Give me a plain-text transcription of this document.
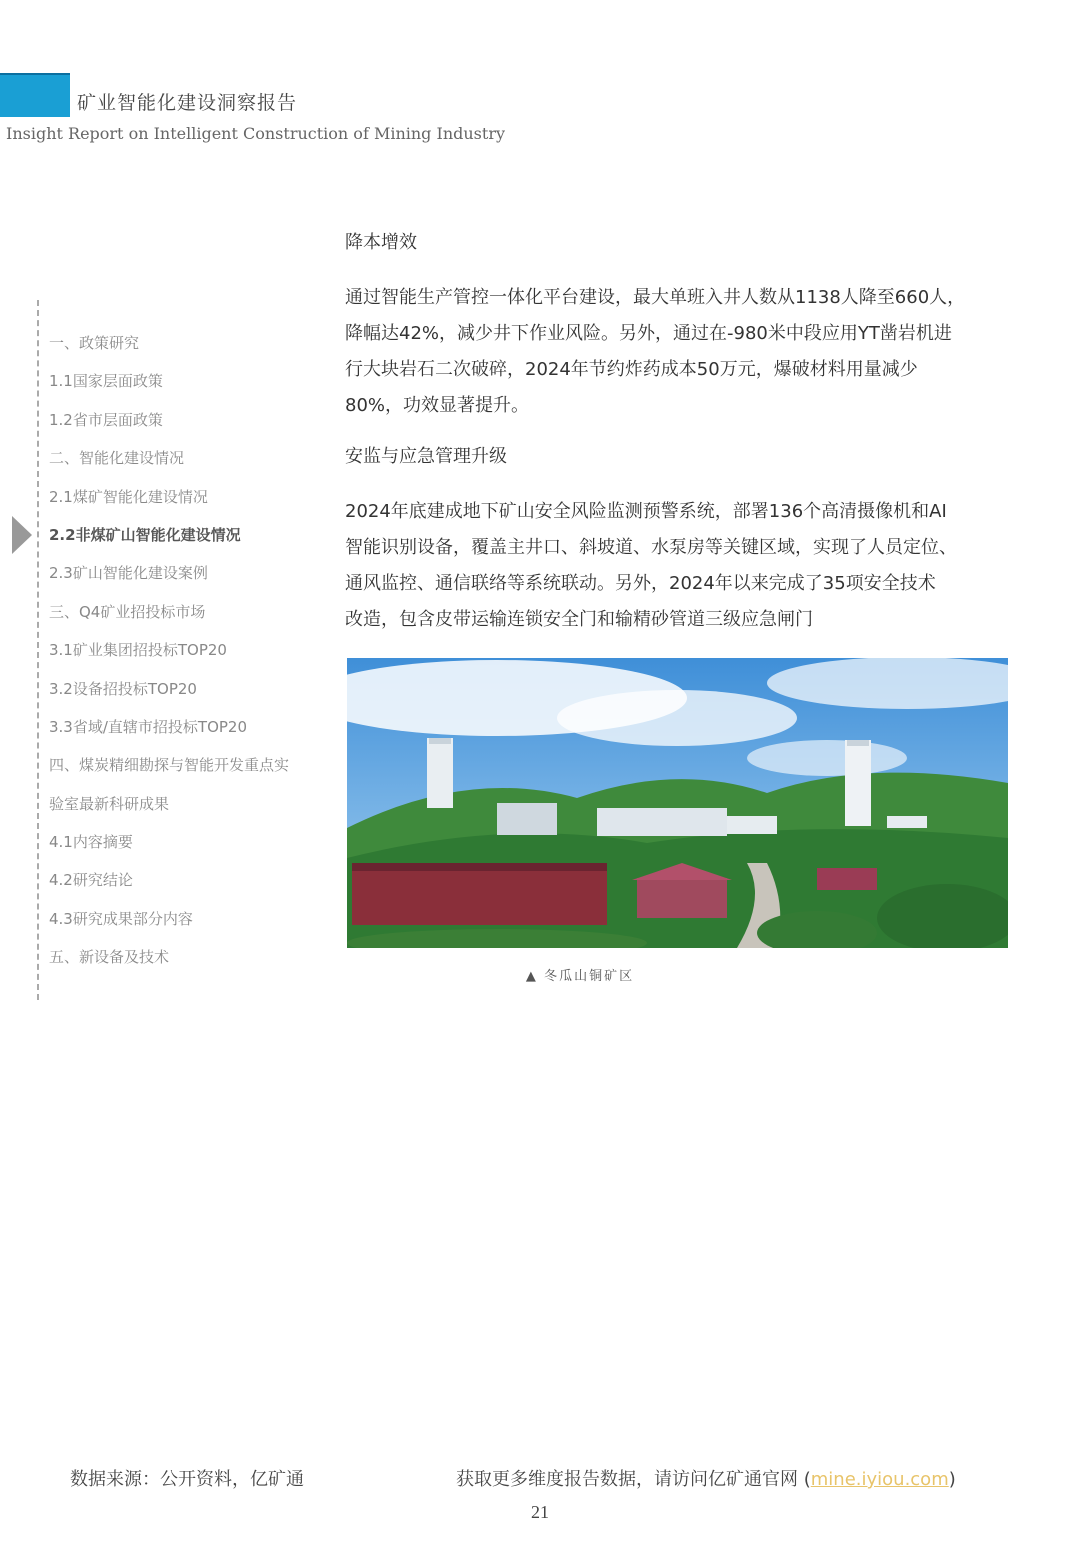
矿业智能化建设洞察报告
Insight Report on Intelligent Construction of Mining Industry
一、政策研究
1.1国家层面政策
1.2省市层面政策
二、智能化建设情况
2.1煤矿智能化建设情况
2.2非煤矿山智能化建设情况
2.3矿山智能化建设案例
三、Q4矿业招投标市场
3.1矿业集团招投标TOP20
3.2设备招投标TOP20
3.3省域/直辖市招投标TOP20
四、煤炭精细勘探与智能开发重点实
验室最新科研成果
4.1内容摘要
4.2研究结论
4.3研究成果部分内容
五、新设备及技术
降本增效
通过智能生产管控一体化平台建设，最大单班入井人数从1138人降至660人，
降幅达42%，减少井下作业风险。另外，通过在-980米中段应用YT凿岩机进
行大块岩石二次破碎，2024年节约炸药成本50万元，爆破材料用量减少
80%，功效显著提升。
安监与应急管理升级
2024年底建成地下矿山安全风险监测预警系统，部署136个高清摄像机和AI
智能识别设备，覆盖主井口、斜坡道、水泵房等关键区域，实现了人员定位、
通风监控、通信联络等系统联动。另外，2024年以来完成了35项安全技术
改造，包含皮带运输连锁安全门和输精砂管道三级应急闸门
▲ 冬瓜山铜矿区
数据来源：公开资料，亿矿通	获取更多维度报告数据，请访问亿矿通官网 (mine.iyiou.com)
21
